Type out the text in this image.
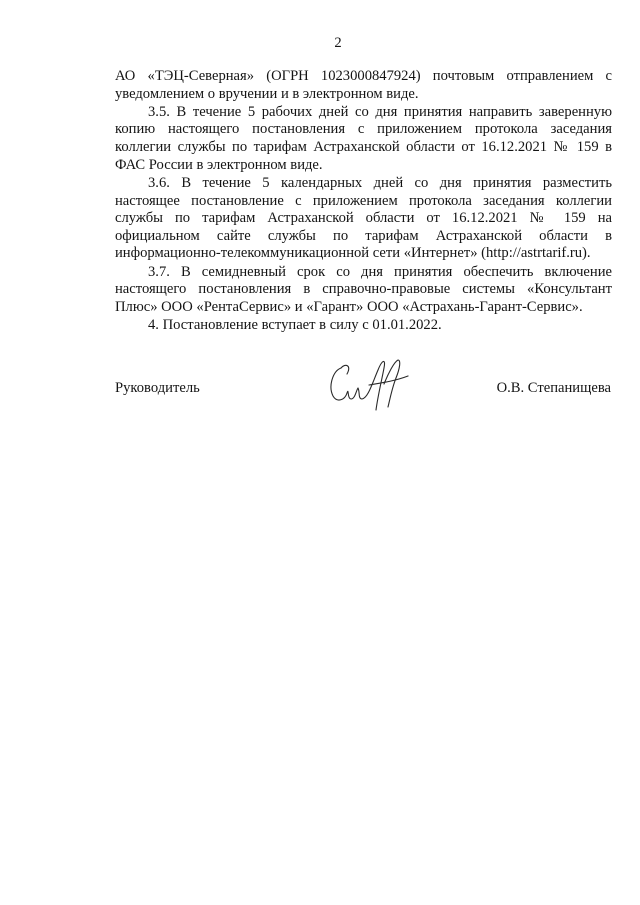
2
АО «ТЭЦ-Северная» (ОГРН 1023000847924) почтовым отправлением с
уведомлением о вручении и в электронном виде.
3.5. В течение 5 рабочих дней со дня принятия направить заверенную
копию настоящего постановления с приложением протокола заседания
коллегии службы по тарифам Астраханской области от 16.12.2021 № 159 в
ФАС России в электронном виде.
3.6. В течение 5 календарных дней со дня принятия разместить
настоящее постановление с приложением протокола заседания коллегии
службы по тарифам Астраханской области от 16.12.2021 № 159 на
официальном сайте службы по тарифам Астраханской области в
информационно-телекоммуникационной сети «Интернет» (http://astrtarif.ru).
3.7. В семидневный срок со дня принятия обеспечить включение
настоящего постановления в справочно-правовые системы «Консультант
Плюс» ООО «РентаСервис» и «Гарант» ООО «Астрахань-Гарант-Сервис».
4. Постановление вступает в силу с 01.01.2022.
Руководитель	О.В. Степанищева
